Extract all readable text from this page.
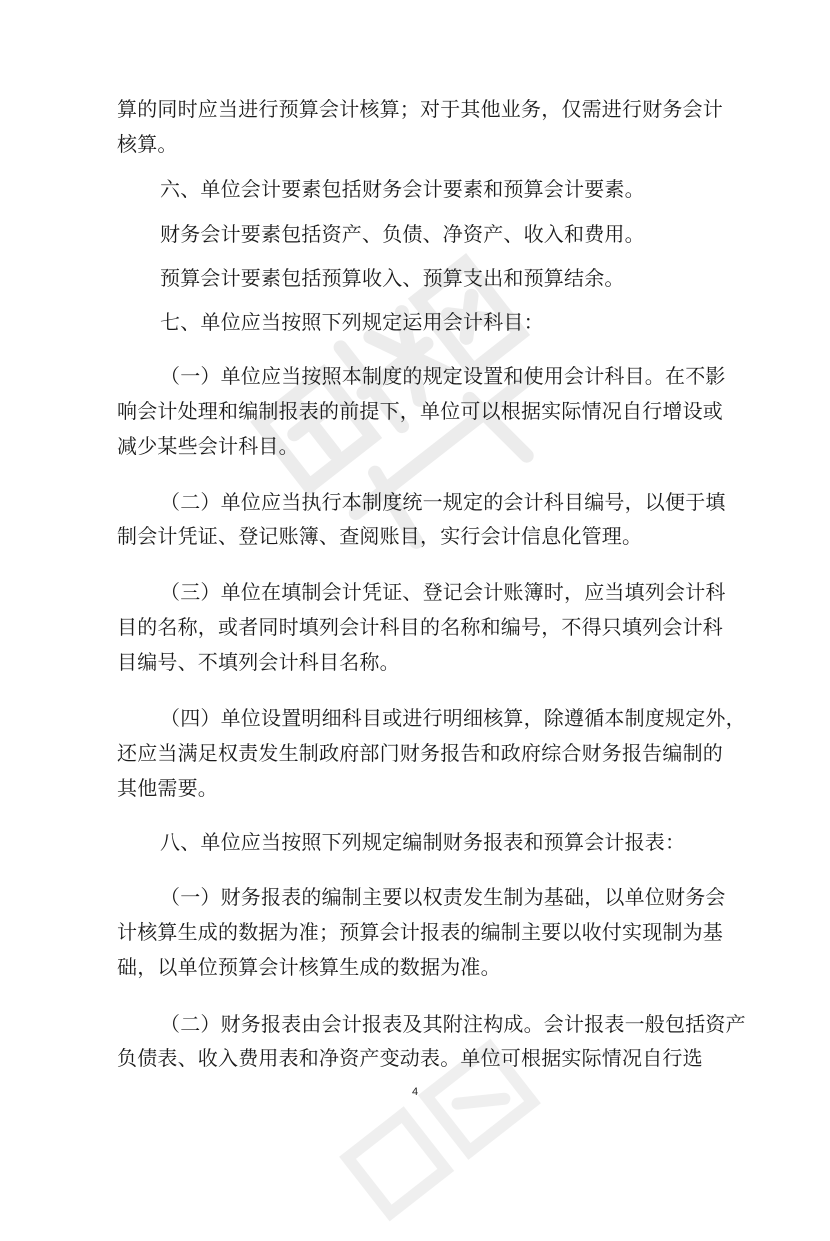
算的同时应当进行预算会计核算；对于其他业务，仅需进行财务会计
核算。
六、单位会计要素包括财务会计要素和预算会计要素。
财务会计要素包括资产、负债、净资产、收入和费用。
预算会计要素包括预算收入、预算支出和预算结余。
七、单位应当按照下列规定运用会计科目：
（一）单位应当按照本制度的规定设置和使用会计科目。在不影
响会计处理和编制报表的前提下，单位可以根据实际情况自行增设或
减少某些会计科目。
（二）单位应当执行本制度统一规定的会计科目编号，以便于填
制会计凭证、登记账簿、查阅账目，实行会计信息化管理。
（三）单位在填制会计凭证、登记会计账簿时，应当填列会计科
目的名称，或者同时填列会计科目的名称和编号，不得只填列会计科
目编号、不填列会计科目名称。
（四）单位设置明细科目或进行明细核算，除遵循本制度规定外，
还应当满足权责发生制政府部门财务报告和政府综合财务报告编制的
其他需要。
八、单位应当按照下列规定编制财务报表和预算会计报表：
（一）财务报表的编制主要以权责发生制为基础，以单位财务会
计核算生成的数据为准；预算会计报表的编制主要以收付实现制为基
础，以单位预算会计核算生成的数据为准。
（二）财务报表由会计报表及其附注构成。会计报表一般包括资产
负债表、收入费用表和净资产变动表。单位可根据实际情况自行选
4
